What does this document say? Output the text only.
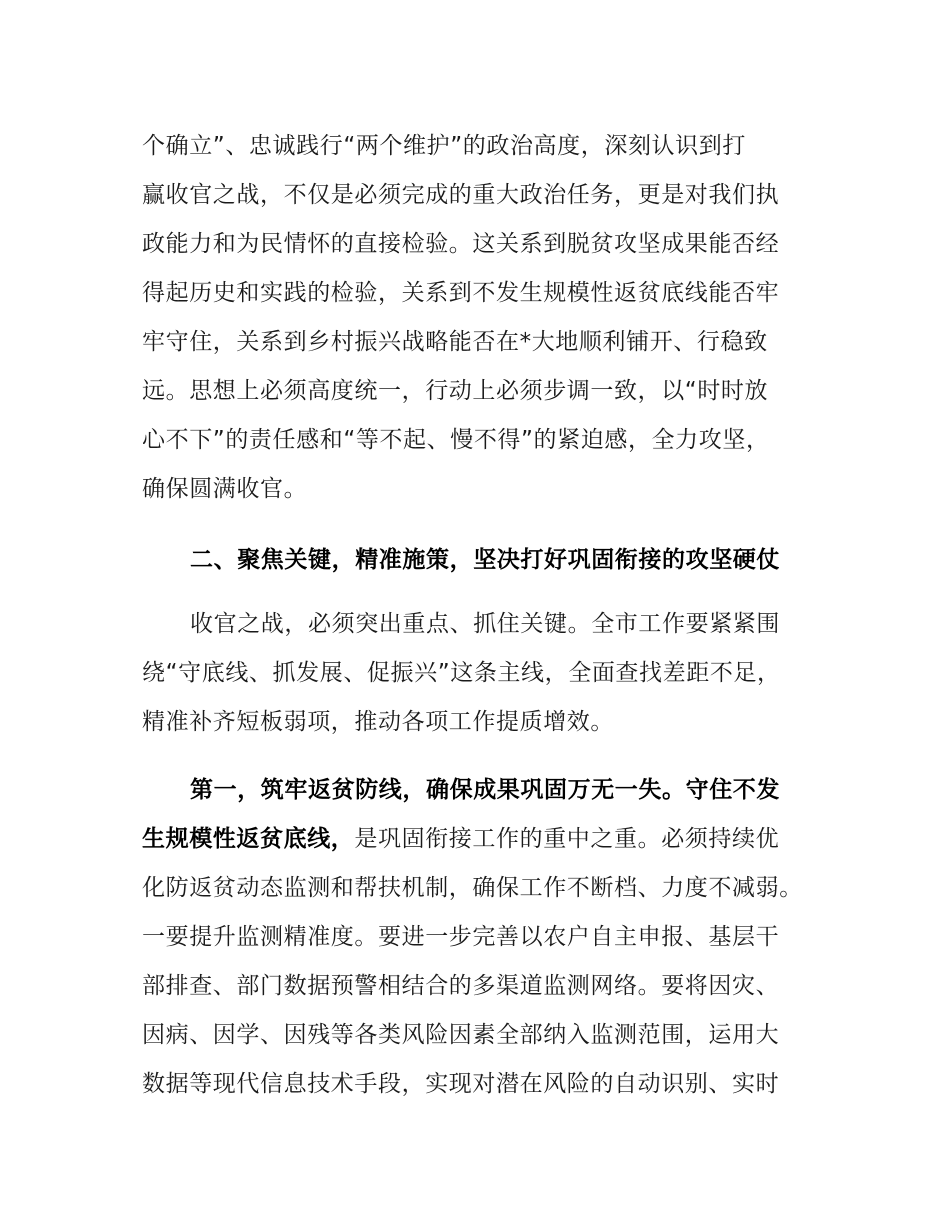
个确立”、忠诚践行“两个维护”的政治高度，深刻认识到打
赢收官之战，不仅是必须完成的重大政治任务，更是对我们执
政能力和为民情怀的直接检验。这关系到脱贫攻坚成果能否经
得起历史和实践的检验，关系到不发生规模性返贫底线能否牢
牢守住，关系到乡村振兴战略能否在*大地顺利铺开、行稳致
远。思想上必须高度统一，行动上必须步调一致，以“时时放
心不下”的责任感和“等不起、慢不得”的紧迫感，全力攻坚，
确保圆满收官。
二、聚焦关键，精准施策，坚决打好巩固衔接的攻坚硬仗
收官之战，必须突出重点、抓住关键。全市工作要紧紧围
绕“守底线、抓发展、促振兴”这条主线，全面查找差距不足，
精准补齐短板弱项，推动各项工作提质增效。
第一，筑牢返贫防线，确保成果巩固万无一失。守住不发
生规模性返贫底线，是巩固衔接工作的重中之重。必须持续优
化防返贫动态监测和帮扶机制，确保工作不断档、力度不减弱。
一要提升监测精准度。要进一步完善以农户自主申报、基层干
部排查、部门数据预警相结合的多渠道监测网络。要将因灾、
因病、因学、因残等各类风险因素全部纳入监测范围，运用大
数据等现代信息技术手段，实现对潜在风险的自动识别、实时
